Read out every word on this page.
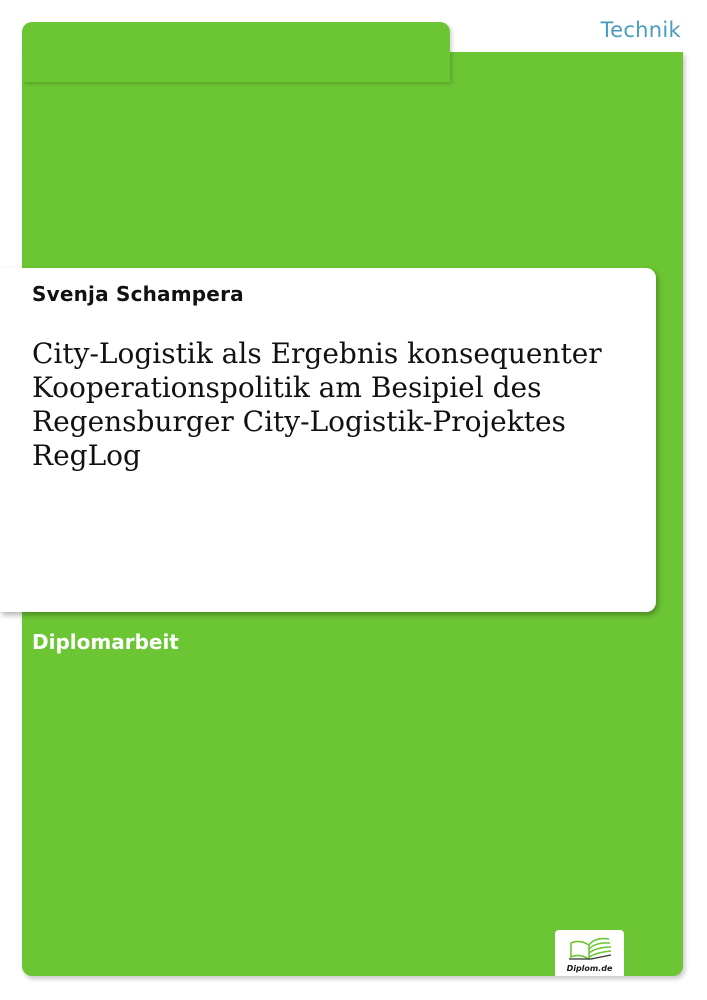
Technik
Svenja Schampera
City-Logistik als Ergebnis konsequenter Kooperationspolitik am Besipiel des Regensburger City-Logistik-Projektes RegLog
Diplomarbeit
Diplom.de
